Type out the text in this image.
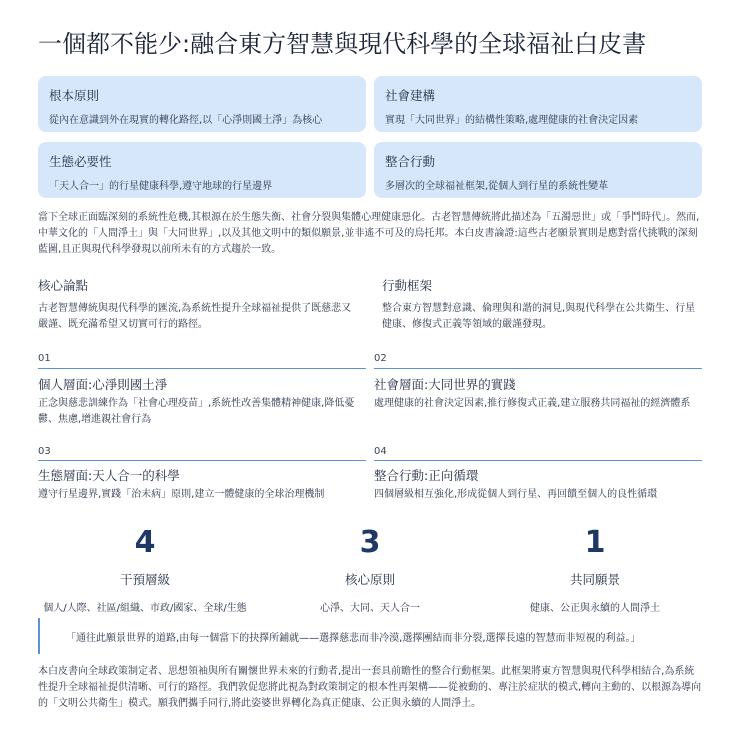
一個都不能少:融合東方智慧與現代科學的全球福祉白皮書
根本原則
從內在意識到外在現實的轉化路徑,以「心淨則國土淨」為核心
社會建構
實現「大同世界」的結構性策略,處理健康的社會決定因素
生態必要性
「天人合一」的行星健康科學,遵守地球的行星邊界
整合行動
多層次的全球福祉框架,從個人到行星的系統性變革
當下全球正面臨深刻的系統性危機,其根源在於生態失衡、社會分裂與集體心理健康惡化。古老智慧傳統將此描述為「五濁惡世」或「爭鬥時代」。然而,中華文化的「人間淨土」與「大同世界」,以及其他文明中的類似願景,並非遙不可及的烏托邦。本白皮書論證:這些古老願景實則是應對當代挑戰的深刻藍圖,且正與現代科學發現以前所未有的方式趨於一致。
核心論點
古老智慧傳統與現代科學的匯流,為系統性提升全球福祉提供了既慈悲又嚴謹、既充滿希望又切實可行的路徑。
行動框架
整合東方智慧對意識、倫理與和諧的洞見,與現代科學在公共衛生、行星健康、修復式正義等領域的嚴謹發現。
01
個人層面:心淨則國土淨
正念與慈悲訓練作為「社會心理疫苗」,系統性改善集體精神健康,降低憂鬱、焦慮,增進親社會行為
02
社會層面:大同世界的實踐
處理健康的社會決定因素,推行修復式正義,建立服務共同福祉的經濟體系
03
生態層面:天人合一的科學
遵守行星邊界,實踐「治未病」原則,建立一體健康的全球治理機制
04
整合行動:正向循環
四個層級相互強化,形成從個人到行星、再回饋至個人的良性循環
4
干預層級
個人/人際、社區/組織、市政/國家、全球/生態
3
核心原則
心淨、大同、天人合一
1
共同願景
健康、公正與永續的人間淨土
「通往此願景世界的道路,由每一個當下的抉擇所鋪就——選擇慈悲而非冷漠,選擇團結而非分裂,選擇長遠的智慧而非短視的利益。」
本白皮書向全球政策制定者、思想領袖與所有關懷世界未來的行動者,提出一套具前瞻性的整合行動框架。此框架將東方智慧與現代科學相結合,為系統性提升全球福祉提供清晰、可行的路徑。我們敦促您將此視為對政策制定的根本性再架構——從被動的、專注於症狀的模式,轉向主動的、以根源為導向的「文明公共衛生」模式。願我們攜手同行,將此姿婆世界轉化為真正健康、公正與永續的人間淨土。
